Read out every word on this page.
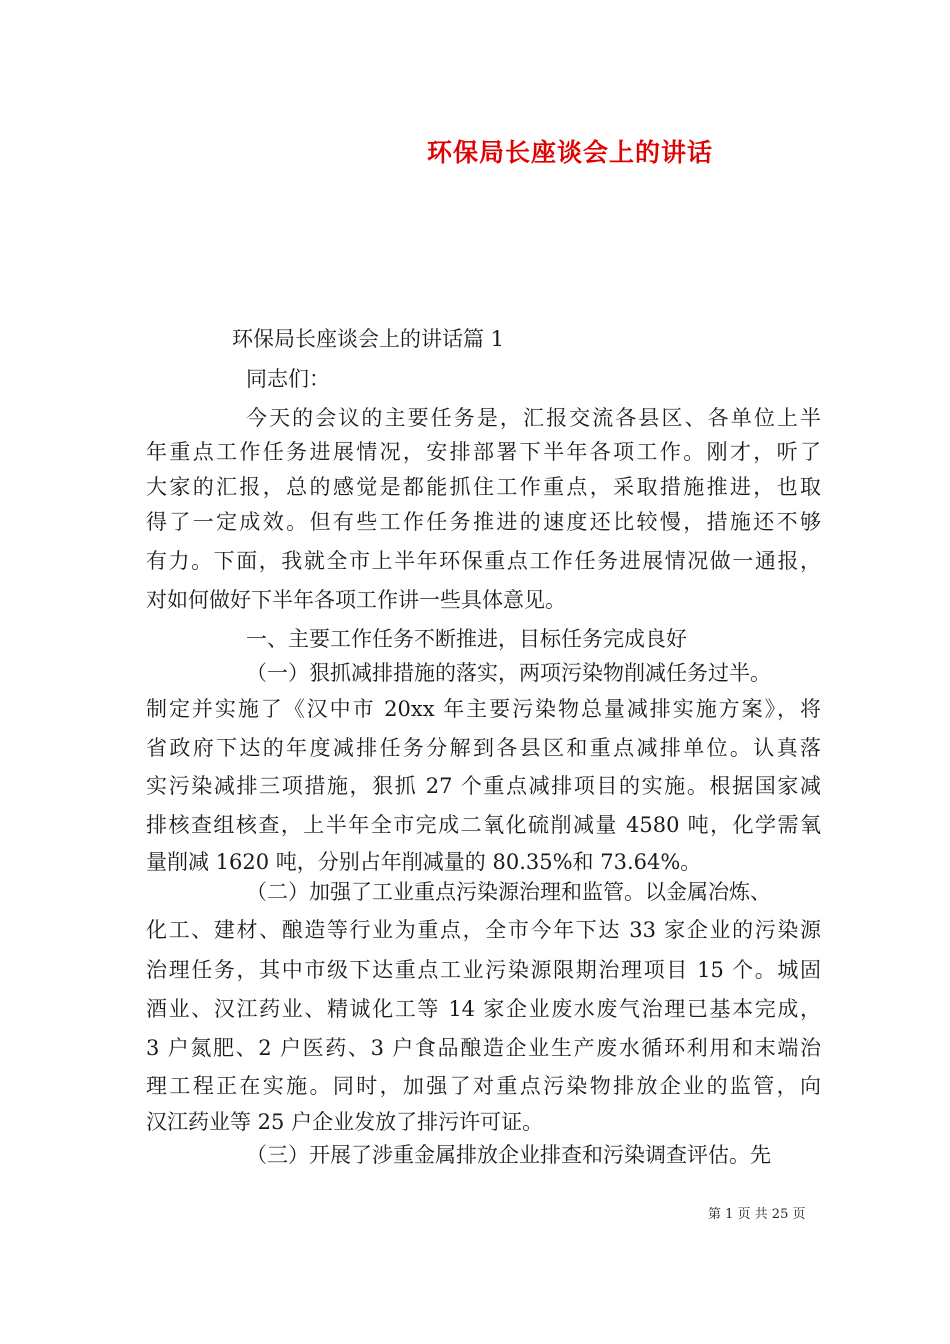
环保局长座谈会上的讲话
环保局长座谈会上的讲话篇 1
同志们：
今天的会议的主要任务是，汇报交流各县区、各单位上半
年重点工作任务进展情况，安排部署下半年各项工作。刚才，听了
大家的汇报，总的感觉是都能抓住工作重点，采取措施推进，也取
得了一定成效。但有些工作任务推进的速度还比较慢，措施还不够
有力。下面，我就全市上半年环保重点工作任务进展情况做一通报，
对如何做好下半年各项工作讲一些具体意见。
一、主要工作任务不断推进，目标任务完成良好
（一）狠抓减排措施的落实，两项污染物削减任务过半。
制定并实施了《汉中市 20xx 年主要污染物总量减排实施方案》，将
省政府下达的年度减排任务分解到各县区和重点减排单位。认真落
实污染减排三项措施，狠抓 27 个重点减排项目的实施。根据国家减
排核查组核查，上半年全市完成二氧化硫削减量 4580 吨，化学需氧
量削减 1620 吨，分别占年削减量的 80.35%和 73.64%。
（二）加强了工业重点污染源治理和监管。以金属冶炼、
化工、建材、酿造等行业为重点，全市今年下达 33 家企业的污染源
治理任务，其中市级下达重点工业污染源限期治理项目 15 个。城固
酒业、汉江药业、精诚化工等 14 家企业废水废气治理已基本完成，
3 户氮肥、2 户医药、3 户食品酿造企业生产废水循环利用和末端治
理工程正在实施。同时，加强了对重点污染物排放企业的监管，向
汉江药业等 25 户企业发放了排污许可证。
（三）开展了涉重金属排放企业排查和污染调查评估。先
第 1 页 共 25 页
